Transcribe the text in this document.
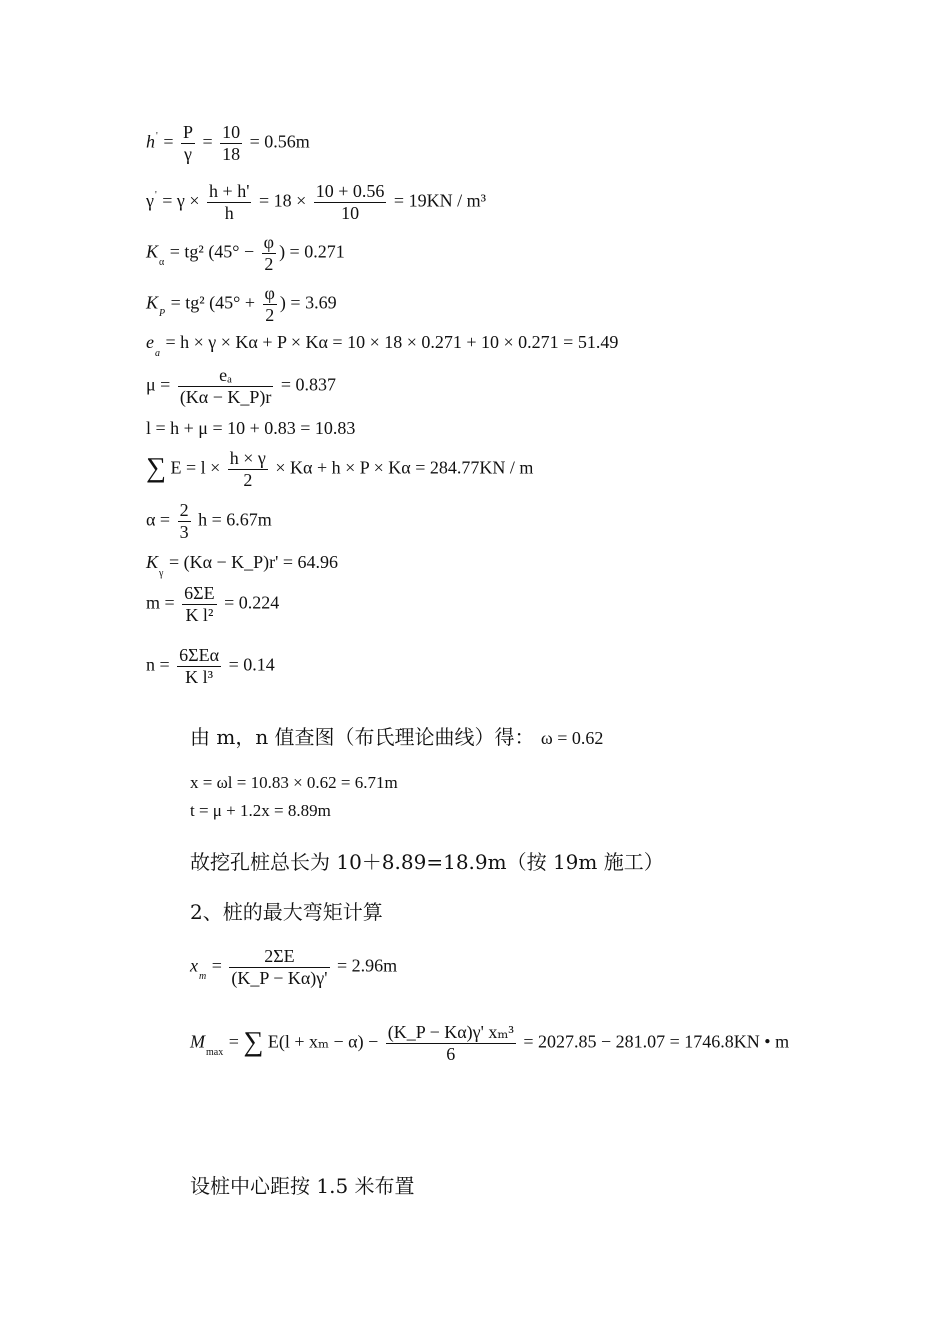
$h' = \frac{P}{\gamma} = \frac{10}{18} = 0.56m$
$\gamma' = \gamma \times \frac{h + h'}{h} = 18 \times \frac{10 + 0.56}{10} = 19KN / m^3$
$K_\alpha = tg^2$ ($45^\circ - \frac{\varphi}{2}$ ) = 0.271
$K_P = tg^2$ ($45^\circ + \frac{\varphi}{2}$ ) = 3.69
$e_a = h \times \gamma \times K\alpha + P \times K\alpha = 10 \times 18 \times 0.271 + 10 \times 0.271 = 51.49$
$\mu = \frac{\text{eₐ}}{(K\alpha - K\_P)r} = 0.837$
l = h + μ = 10 + 0.83 = 10.83
∑ $E = l \times \frac{h \times \gamma}{2} \times K\alpha + h \times P \times K\alpha = 284.77KN / m$
$\alpha = \frac{2}{3}$ h = 6.67m
$K_\gamma = (K\alpha$ − K_P)r' = 64.96
$m = \frac{6\Sigma E}{\text{K l²}} = 0.224$
$n = \frac{\text{6ΣEα}}{\text{K l³}} = 0.14$
由 m，n 值查图（布氏理论曲线）得： ω = 0.62
x = ωl = 10.83 × 0.62 = 6.71m
t = μ + 1.2x = 8.89m
故挖孔桩总长为 10＋8.89=18.9m（按 19m 施工）
2、桩的最大弯矩计算
$x_m = \frac{2\Sigma E}{(K\_P - K\alpha)\gamma'} = 2.96m$
$M_{max}$ = ∑ $E(l + x_m - \alpha) - \frac{\text{(K\_P − Kα)γ' xₘ³}}{6} = 2027.85 - 281.07 = 1746.8KN$ • m
设桩中心距按 1.5 米布置
